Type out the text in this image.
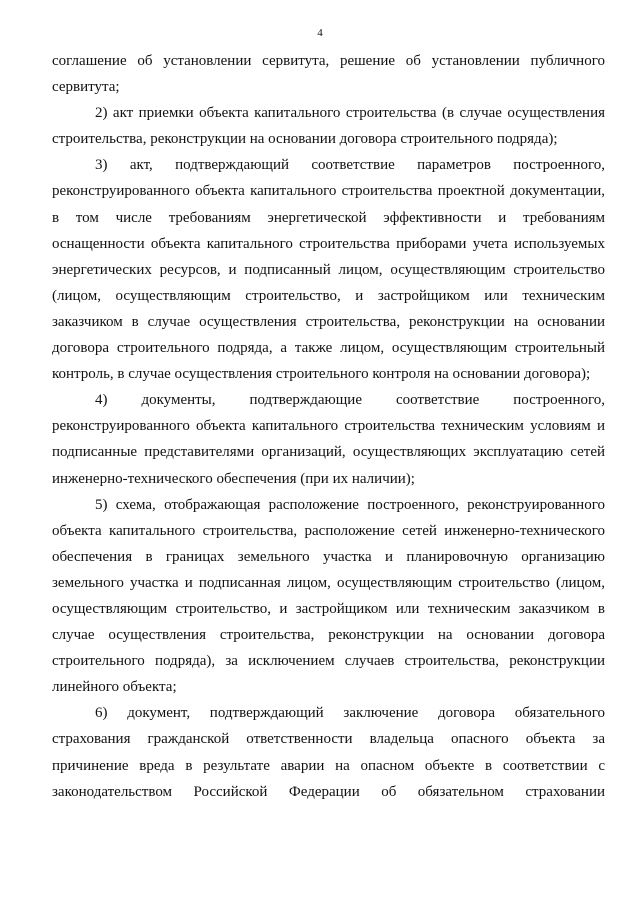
4

соглашение об установлении сервитута, решение об установлении публичного

сервитута;

2) акт приемки объекта капитального строительства (в случае осуществления

строительства, реконструкции на основании договора строительного подряда);

3) акт, подтверждающий соответствие параметров построенного,

реконструированного объекта капитального строительства проектной документации,

в том числе требованиям энергетической эффективности и требованиям

оснащенности объекта капитального строительства приборами учета используемых

энергетических ресурсов, и подписанный лицом, осуществляющим строительство

(лицом, осуществляющим строительство, и застройщиком или техническим

заказчиком в случае осуществления строительства, реконструкции на основании

договора строительного подряда, а также лицом, осуществляющим строительный

контроль, в случае осуществления строительного контроля на основании договора);

4) документы, подтверждающие соответствие построенного,

реконструированного объекта капитального строительства техническим условиям и

подписанные представителями организаций, осуществляющих эксплуатацию сетей

инженерно-технического обеспечения (при их наличии);

5) схема, отображающая расположение построенного, реконструированного

объекта капитального строительства, расположение сетей инженерно-технического

обеспечения в границах земельного участка и планировочную организацию

земельного участка и подписанная лицом, осуществляющим строительство (лицом,

осуществляющим строительство, и застройщиком или техническим заказчиком в

случае осуществления строительства, реконструкции на основании договора

строительного подряда), за исключением случаев строительства, реконструкции

линейного объекта;

6) документ, подтверждающий заключение договора обязательного

страхования гражданской ответственности владельца опасного объекта за

причинение вреда в результате аварии на опасном объекте в соответствии с

законодательством Российской Федерации об обязательном страховании
